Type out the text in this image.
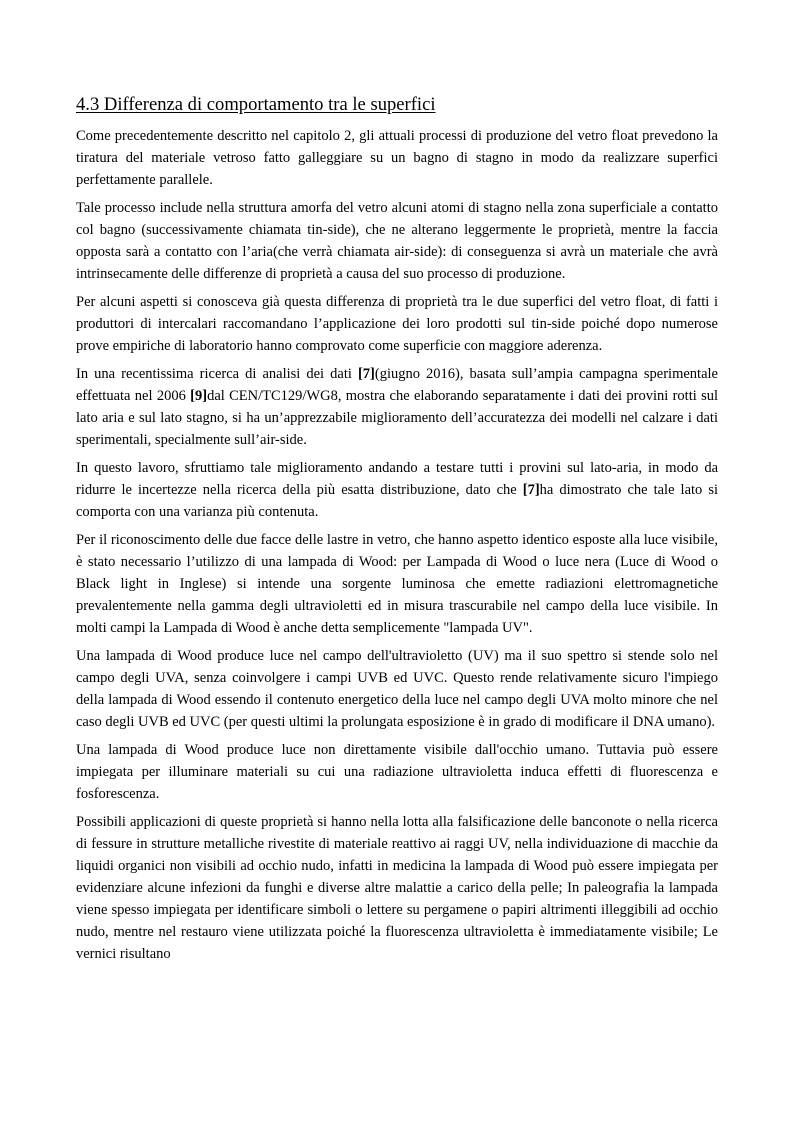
4.3 Differenza di comportamento tra le superfici

Come precedentemente descritto nel capitolo 2, gli attuali processi di produzione del vetro float prevedono la tiratura del materiale vetroso fatto galleggiare su un bagno di stagno in modo da realizzare superfici perfettamente parallele.

Tale processo include nella struttura amorfa del vetro alcuni atomi di stagno nella zona superficiale a contatto col bagno (successivamente chiamata tin-side), che ne alterano leggermente le proprietà, mentre la faccia opposta sarà a contatto con l’aria(che verrà chiamata air-side): di conseguenza si avrà un materiale che avrà intrinsecamente delle differenze di proprietà a causa del suo processo di produzione.

Per alcuni aspetti si conosceva già questa differenza di proprietà tra le due superfici del vetro float, di fatti i produttori di intercalari raccomandano l’applicazione dei loro prodotti sul tin-side poiché dopo numerose prove empiriche di laboratorio hanno comprovato come superficie con maggiore aderenza.

In una recentissima ricerca di analisi dei dati [7](giugno 2016), basata sull’ampia campagna sperimentale effettuata nel 2006 [9]dal CEN/TC129/WG8, mostra che elaborando separatamente i dati dei provini rotti sul lato aria e sul lato stagno, si ha un’apprezzabile miglioramento dell’accuratezza dei modelli nel calzare i dati sperimentali, specialmente sull’air-side.

In questo lavoro, sfruttiamo tale miglioramento andando a testare tutti i provini sul lato-aria, in modo da ridurre le incertezze nella ricerca della più esatta distribuzione, dato che [7]ha dimostrato che tale lato si comporta con una varianza più contenuta.

Per il riconoscimento delle due facce delle lastre in vetro, che hanno aspetto identico esposte alla luce visibile, è stato necessario l’utilizzo di una lampada di Wood: per Lampada di Wood o luce nera (Luce di Wood o Black light in Inglese) si intende una sorgente luminosa che emette radiazioni elettromagnetiche prevalentemente nella gamma degli ultravioletti ed in misura trascurabile nel campo della luce visibile. In molti campi la Lampada di Wood è anche detta semplicemente "lampada UV".

Una lampada di Wood produce luce nel campo dell'ultravioletto (UV) ma il suo spettro si stende solo nel campo degli UVA, senza coinvolgere i campi UVB ed UVC. Questo rende relativamente sicuro l'impiego della lampada di Wood essendo il contenuto energetico della luce nel campo degli UVA molto minore che nel caso degli UVB ed UVC (per questi ultimi la prolungata esposizione è in grado di modificare il DNA umano).

Una lampada di Wood produce luce non direttamente visibile dall'occhio umano. Tuttavia può essere impiegata per illuminare materiali su cui una radiazione ultravioletta induca effetti di fluorescenza e fosforescenza.

Possibili applicazioni di queste proprietà si hanno nella lotta alla falsificazione delle banconote o nella ricerca di fessure in strutture metalliche rivestite di materiale reattivo ai raggi UV, nella individuazione di macchie da liquidi organici non visibili ad occhio nudo, infatti in medicina la lampada di Wood può essere impiegata per evidenziare alcune infezioni da funghi e diverse altre malattie a carico della pelle; In paleografia la lampada viene spesso impiegata per identificare simboli o lettere su pergamene o papiri altrimenti illeggibili ad occhio nudo, mentre nel restauro viene utilizzata poiché la fluorescenza ultravioletta è immediatamente visibile; Le vernici risultano
